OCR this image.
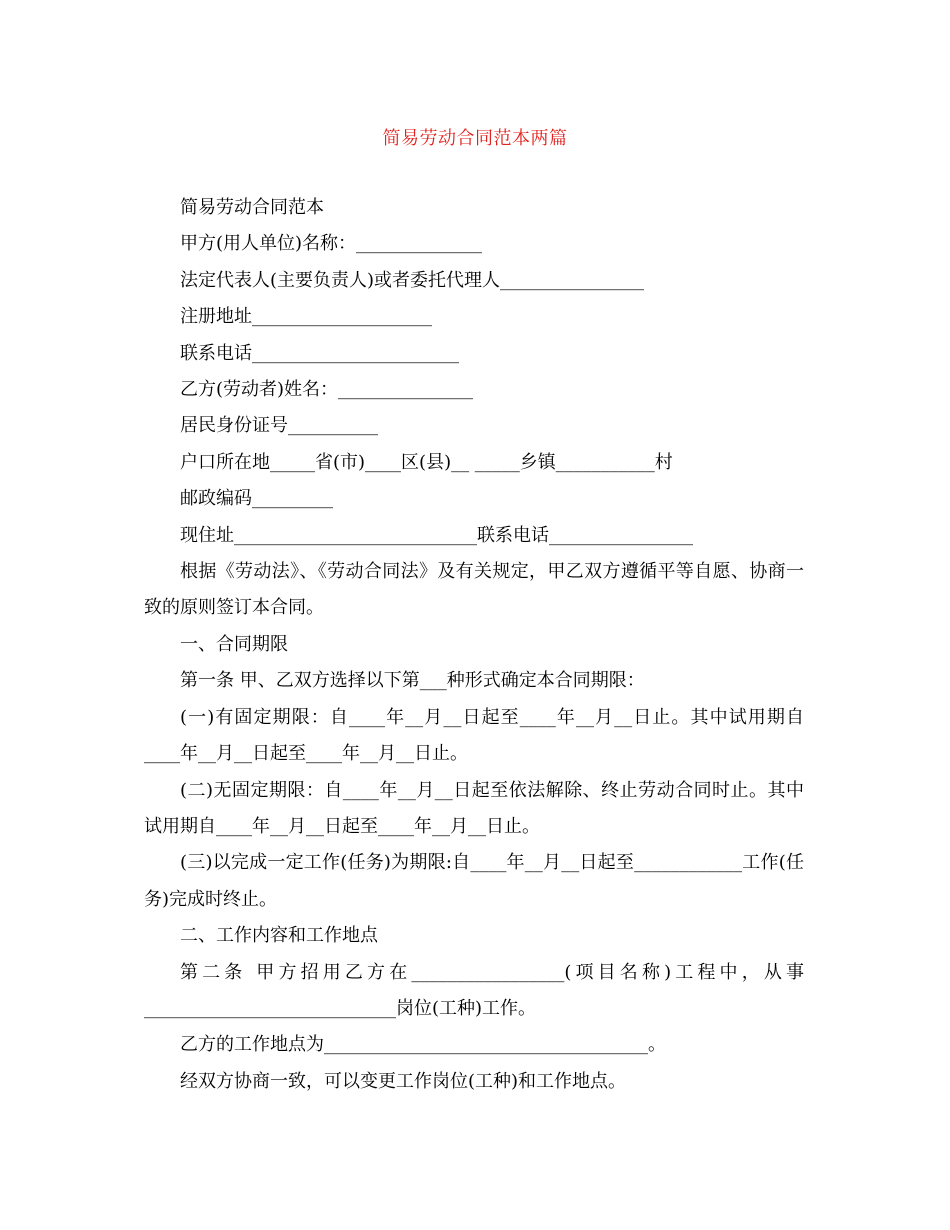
简易劳动合同范本两篇

简易劳动合同范本

甲方(用人单位)名称：______________

法定代表人(主要负责人)或者委托代理人________________

注册地址____________________

联系电话_______________________

乙方(劳动者)姓名：_______________

居民身份证号__________

户口所在地_____省(市)____区(县)__ _____乡镇___________村

邮政编码_________

现住址___________________________联系电话________________

根据《劳动法》、《劳动合同法》及有关规定，甲乙双方遵循平等自愿、协商一致的原则签订本合同。

一、合同期限

第一条 甲、乙双方选择以下第___种形式确定本合同期限：

(一)有固定期限：自____年__月__日起至____年__月__日止。其中试用期自____年__月__日起至____年__月__日止。

(二)无固定期限：自____年__月__日起至依法解除、终止劳动合同时止。其中试用期自____年__月__日起至____年__月__日止。

(三)以完成一定工作(任务)为期限:自____年__月__日起至____________工作(任务)完成时终止。

二、工作内容和工作地点

第二条 甲方招用乙方在_________________(项目名称)工程中，从事____________________________岗位(工种)工作。

乙方的工作地点为____________________________________。

经双方协商一致，可以变更工作岗位(工种)和工作地点。
